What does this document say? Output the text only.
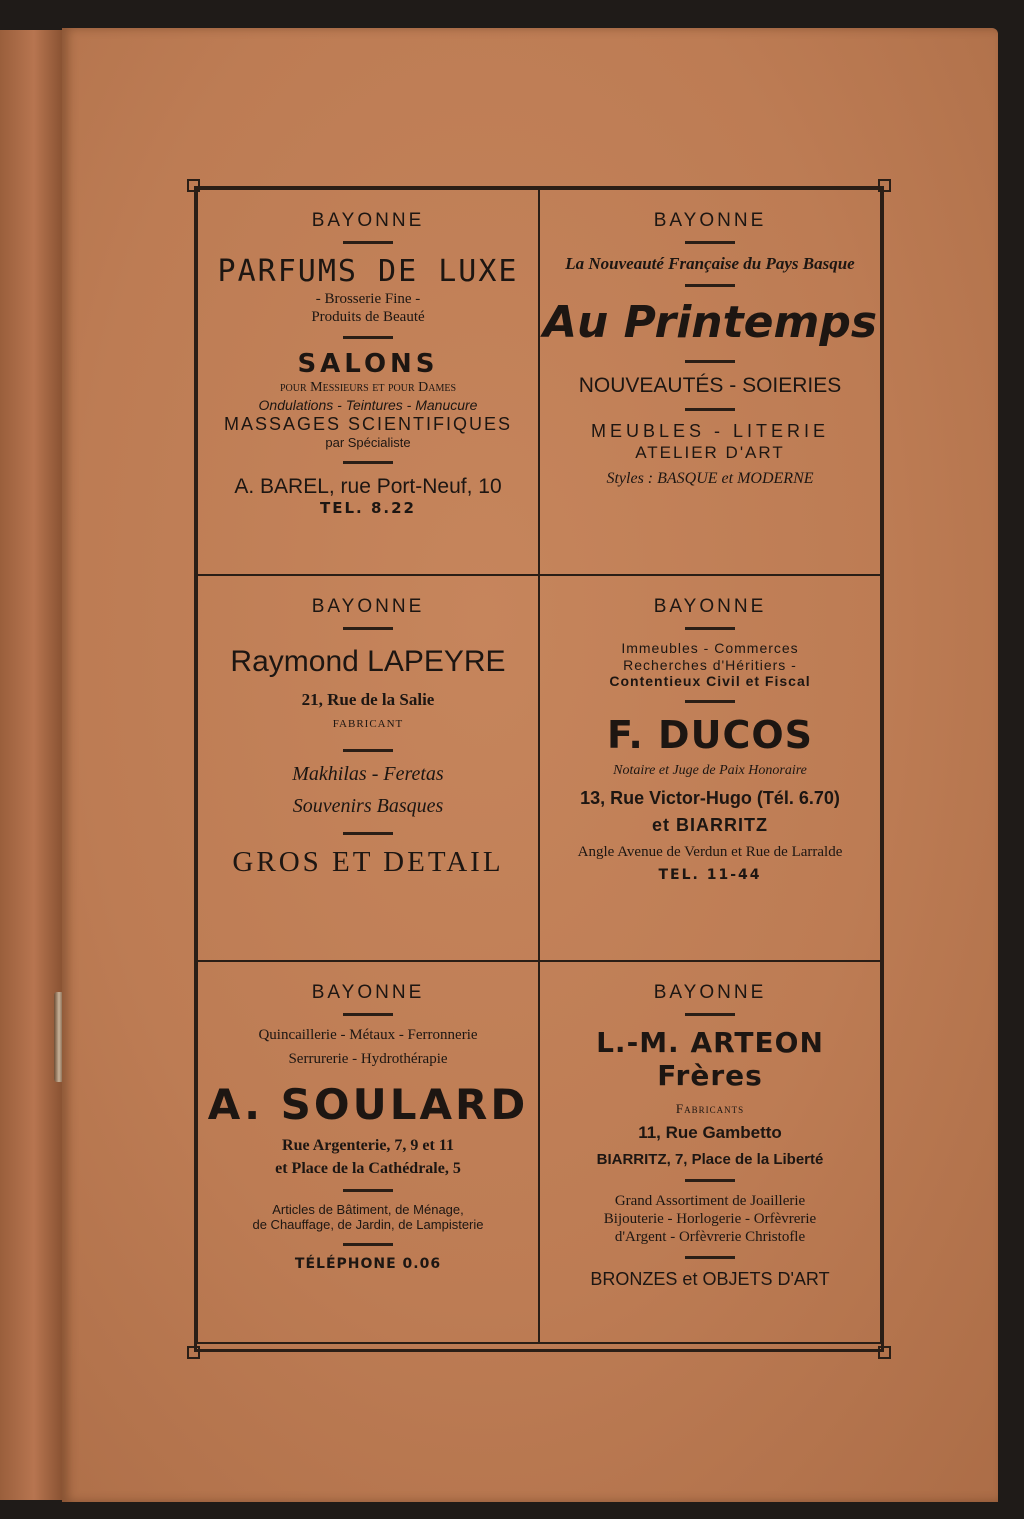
BAYONNE

PARFUMS DE LUXE

- Brosserie Fine -

Produits de Beauté

SALONS

pour Messieurs et pour Dames

Ondulations - Teintures - Manucure

MASSAGES SCIENTIFIQUES

par Spécialiste

A. BAREL, rue Port-Neuf, 10

TEL. 8.22

BAYONNE

La Nouveauté Française du Pays Basque

Au Printemps

NOUVEAUTÉS - SOIERIES

MEUBLES - LITERIE

ATELIER D'ART

Styles : BASQUE et MODERNE

BAYONNE

Raymond LAPEYRE

21, Rue de la Salie

FABRICANT

Makhilas - Feretas

Souvenirs Basques

GROS ET DETAIL

BAYONNE

Immeubles - Commerces

Recherches d'Héritiers -

Contentieux Civil et Fiscal

F. DUCOS

Notaire et Juge de Paix Honoraire

13, Rue Victor-Hugo (Tél. 6.70)

et BIARRITZ

Angle Avenue de Verdun et Rue de Larralde

TEL. 11-44

BAYONNE

Quincaillerie - Métaux - Ferronnerie

Serrurerie - Hydrothérapie

A. SOULARD

Rue Argenterie, 7, 9 et 11

et Place de la Cathédrale, 5

Articles de Bâtiment, de Ménage,

de Chauffage, de Jardin, de Lampisterie

TÉLÉPHONE 0.06

BAYONNE

L.-M. ARTEON Frères

Fabricants

11, Rue Gambetto

BIARRITZ, 7, Place de la Liberté

Grand Assortiment de Joaillerie

Bijouterie - Horlogerie - Orfèvrerie

d'Argent - Orfèvrerie Christofle

BRONZES et OBJETS D'ART
